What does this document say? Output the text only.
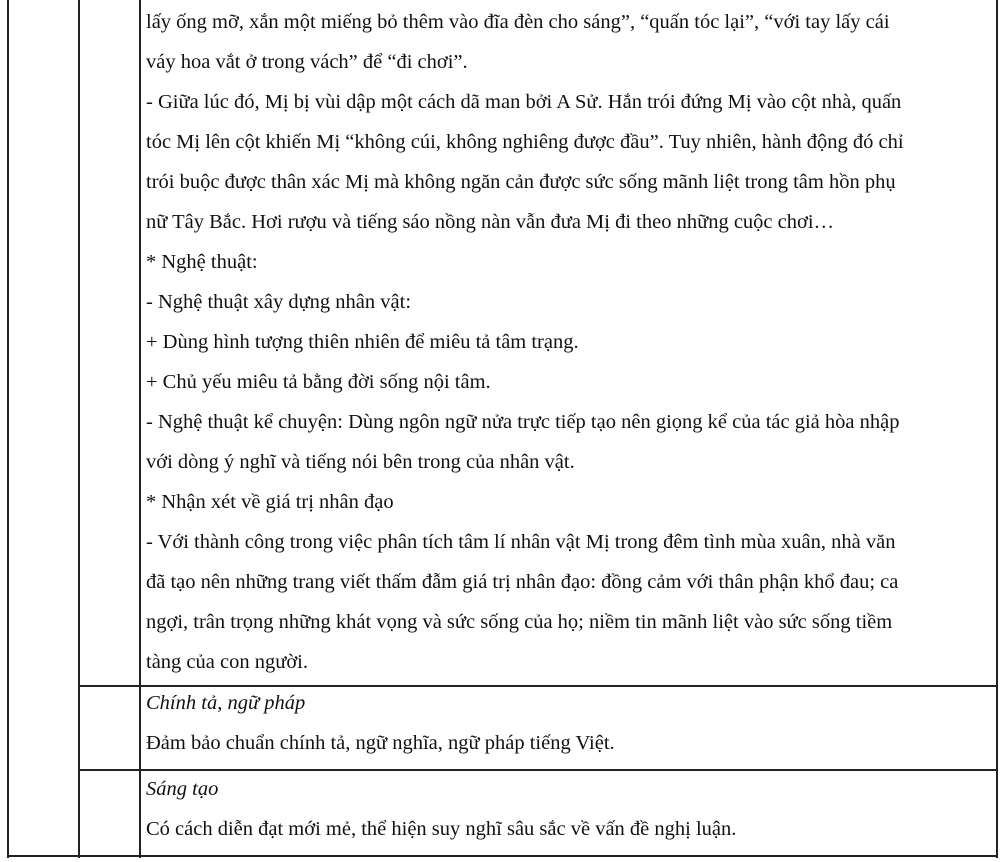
lấy ống mỡ, xắn một miếng bỏ thêm vào đĩa đèn cho sáng”, “quấn tóc lại”, “với tay lấy cái
váy hoa vắt ở trong vách” để “đi chơi”.
- Giữa lúc đó, Mị bị vùi dập một cách dã man bởi A Sử. Hắn trói đứng Mị vào cột nhà, quấn
tóc Mị lên cột khiến Mị “không cúi, không nghiêng được đầu”. Tuy nhiên, hành động đó chỉ
trói buộc được thân xác Mị mà không ngăn cản được sức sống mãnh liệt trong tâm hồn phụ
nữ Tây Bắc. Hơi rượu và tiếng sáo nồng nàn vẫn đưa Mị đi theo những cuộc chơi…
* Nghệ thuật:
- Nghệ thuật xây dựng nhân vật:
+ Dùng hình tượng thiên nhiên để miêu tả tâm trạng.
+ Chủ yếu miêu tả bằng đời sống nội tâm.
- Nghệ thuật kể chuyện: Dùng ngôn ngữ nửa trực tiếp tạo nên giọng kể của tác giả hòa nhập
với dòng ý nghĩ và tiếng nói bên trong của nhân vật.
* Nhận xét về giá trị nhân đạo
- Với thành công trong việc phân tích tâm lí nhân vật Mị trong đêm tình mùa xuân, nhà văn
đã tạo nên những trang viết thấm đẫm giá trị nhân đạo: đồng cảm với thân phận khổ đau; ca
ngợi, trân trọng những khát vọng và sức sống của họ; niềm tin mãnh liệt vào sức sống tiềm
tàng của con người.
Chính tả, ngữ pháp
Đảm bảo chuẩn chính tả, ngữ nghĩa, ngữ pháp tiếng Việt.
Sáng tạo
Có cách diễn đạt mới mẻ, thể hiện suy nghĩ sâu sắc về vấn đề nghị luận.
